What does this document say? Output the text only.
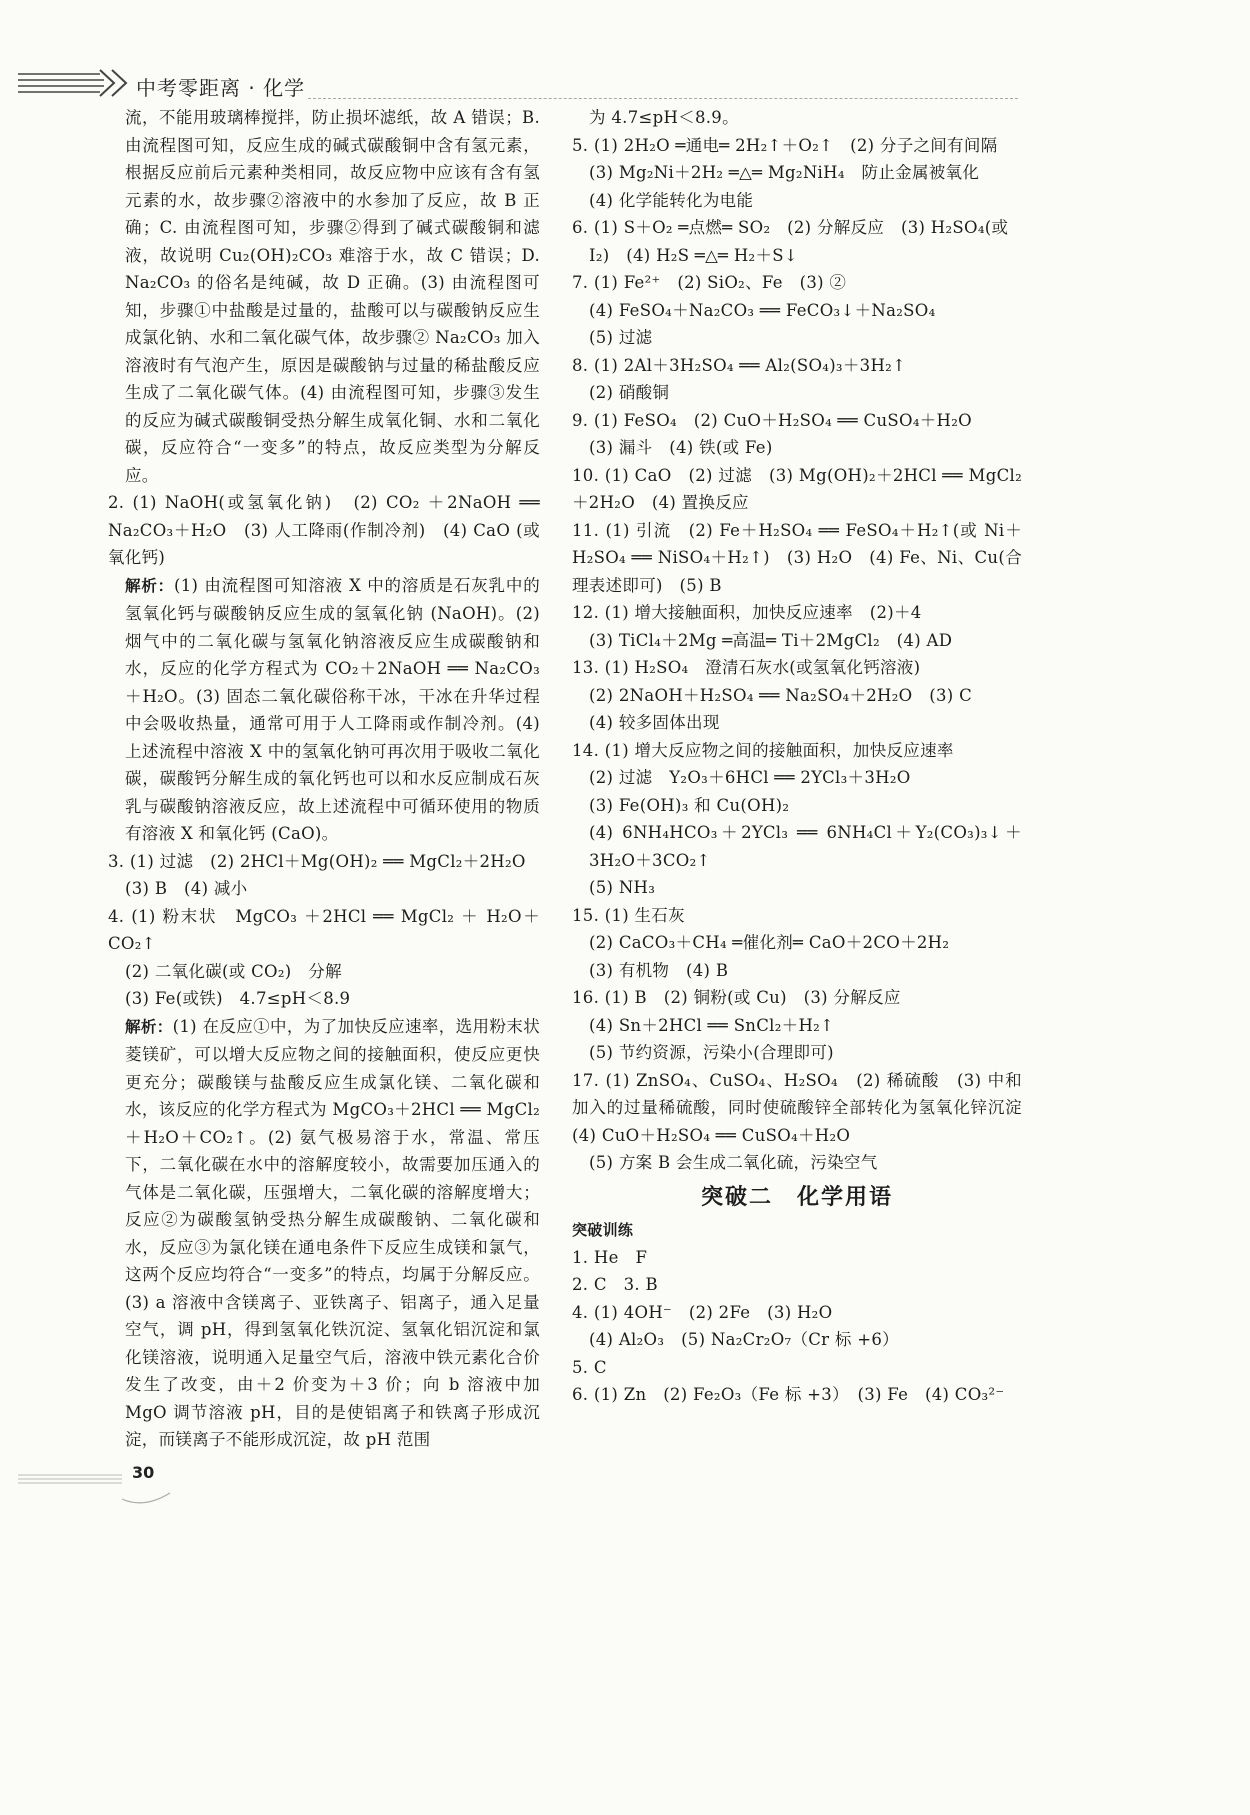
中考零距离 · 化学

流，不能用玻璃棒搅拌，防止损坏滤纸，故 A 错误；B. 由流程图可知，反应生成的碱式碳酸铜中含有氢元素，根据反应前后元素种类相同，故反应物中应该有含有氢元素的水，故步骤②溶液中的水参加了反应，故 B 正确；C. 由流程图可知，步骤②得到了碱式碳酸铜和滤液，故说明 Cu₂(OH)₂CO₃ 难溶于水，故 C 错误；D. Na₂CO₃ 的俗名是纯碱，故 D 正确。(3) 由流程图可知，步骤①中盐酸是过量的，盐酸可以与碳酸钠反应生成氯化钠、水和二氧化碳气体，故步骤② Na₂CO₃ 加入溶液时有气泡产生，原因是碳酸钠与过量的稀盐酸反应生成了二氧化碳气体。(4) 由流程图可知，步骤③发生的反应为碱式碳酸铜受热分解生成氧化铜、水和二氧化碳，反应符合“一变多”的特点，故反应类型为分解反应。

2. (1) NaOH(或氢氧化钠)　(2) CO₂ ＋2NaOH ══ Na₂CO₃＋H₂O　(3) 人工降雨(作制冷剂)　(4) CaO (或氧化钙)

解析：(1) 由流程图可知溶液 X 中的溶质是石灰乳中的氢氧化钙与碳酸钠反应生成的氢氧化钠 (NaOH)。(2) 烟气中的二氧化碳与氢氧化钠溶液反应生成碳酸钠和水，反应的化学方程式为 CO₂＋2NaOH ══ Na₂CO₃＋H₂O。(3) 固态二氧化碳俗称干冰，干冰在升华过程中会吸收热量，通常可用于人工降雨或作制冷剂。(4) 上述流程中溶液 X 中的氢氧化钠可再次用于吸收二氧化碳，碳酸钙分解生成的氧化钙也可以和水反应制成石灰乳与碳酸钠溶液反应，故上述流程中可循环使用的物质有溶液 X 和氧化钙 (CaO)。

3. (1) 过滤　(2) 2HCl＋Mg(OH)₂ ══ MgCl₂＋2H₂O

(3) B　(4) 减小

4. (1) 粉末状　MgCO₃ ＋2HCl ══ MgCl₂ ＋ H₂O＋ CO₂↑

(2) 二氧化碳(或 CO₂)　分解

(3) Fe(或铁)　4.7≤pH＜8.9

解析：(1) 在反应①中，为了加快反应速率，选用粉末状菱镁矿，可以增大反应物之间的接触面积，使反应更快更充分；碳酸镁与盐酸反应生成氯化镁、二氧化碳和水，该反应的化学方程式为 MgCO₃＋2HCl ══ MgCl₂＋H₂O＋CO₂↑。(2) 氨气极易溶于水，常温、常压下，二氧化碳在水中的溶解度较小，故需要加压通入的气体是二氧化碳，压强增大，二氧化碳的溶解度增大；反应②为碳酸氢钠受热分解生成碳酸钠、二氧化碳和水，反应③为氯化镁在通电条件下反应生成镁和氯气，这两个反应均符合“一变多”的特点，均属于分解反应。(3) a 溶液中含镁离子、亚铁离子、铝离子，通入足量空气，调 pH，得到氢氧化铁沉淀、氢氧化铝沉淀和氯化镁溶液，说明通入足量空气后，溶液中铁元素化合价发生了改变，由＋2 价变为＋3 价；向 b 溶液中加 MgO 调节溶液 pH，目的是使铝离子和铁离子形成沉淀，而镁离子不能形成沉淀，故 pH 范围

为 4.7≤pH＜8.9。

5. (1) 2H₂O ═通电═ 2H₂↑＋O₂↑　(2) 分子之间有间隔

(3) Mg₂Ni＋2H₂ ═△═ Mg₂NiH₄　防止金属被氧化

(4) 化学能转化为电能

6. (1) S＋O₂ ═点燃═ SO₂　(2) 分解反应　(3) H₂SO₄(或

I₂)　(4) H₂S ═△═ H₂＋S↓

7. (1) Fe²⁺　(2) SiO₂、Fe　(3) ②

(4) FeSO₄＋Na₂CO₃ ══ FeCO₃↓＋Na₂SO₄

(5) 过滤

8. (1) 2Al＋3H₂SO₄ ══ Al₂(SO₄)₃＋3H₂↑

(2) 硝酸铜

9. (1) FeSO₄　(2) CuO＋H₂SO₄ ══ CuSO₄＋H₂O

(3) 漏斗　(4) 铁(或 Fe)

10. (1) CaO　(2) 过滤　(3) Mg(OH)₂＋2HCl ══ MgCl₂＋2H₂O　(4) 置换反应

11. (1) 引流　(2) Fe＋H₂SO₄ ══ FeSO₄＋H₂↑(或 Ni＋H₂SO₄ ══ NiSO₄＋H₂↑)　(3) H₂O　(4) Fe、Ni、Cu(合理表述即可)　(5) B

12. (1) 增大接触面积，加快反应速率　(2)＋4

(3) TiCl₄＋2Mg ═高温═ Ti＋2MgCl₂　(4) AD

13. (1) H₂SO₄　澄清石灰水(或氢氧化钙溶液)

(2) 2NaOH＋H₂SO₄ ══ Na₂SO₄＋2H₂O　(3) C

(4) 较多固体出现

14. (1) 增大反应物之间的接触面积，加快反应速率

(2) 过滤　Y₂O₃＋6HCl ══ 2YCl₃＋3H₂O

(3) Fe(OH)₃ 和 Cu(OH)₂

(4) 6NH₄HCO₃＋2YCl₃ ══ 6NH₄Cl＋Y₂(CO₃)₃↓＋3H₂O＋3CO₂↑

(5) NH₃

15. (1) 生石灰

(2) CaCO₃＋CH₄ ═催化剂═ CaO＋2CO＋2H₂

(3) 有机物　(4) B

16. (1) B　(2) 铜粉(或 Cu)　(3) 分解反应

(4) Sn＋2HCl ══ SnCl₂＋H₂↑

(5) 节约资源，污染小(合理即可)

17. (1) ZnSO₄、CuSO₄、H₂SO₄　(2) 稀硫酸　(3) 中和加入的过量稀硫酸，同时使硫酸锌全部转化为氢氧化锌沉淀　(4) CuO＋H₂SO₄ ══ CuSO₄＋H₂O

(5) 方案 B 会生成二氧化硫，污染空气

突破二　化学用语
突破训练

1. He　F

2. C　3. B

4. (1) 4OH⁻　(2) 2Fe　(3) H₂O

(4) Al₂O₃　(5) Na₂Cr₂O₇（Cr 标 +6）

5. C

6. (1) Zn　(2) Fe₂O₃（Fe 标 +3）　(3) Fe　(4) CO₃²⁻

30
